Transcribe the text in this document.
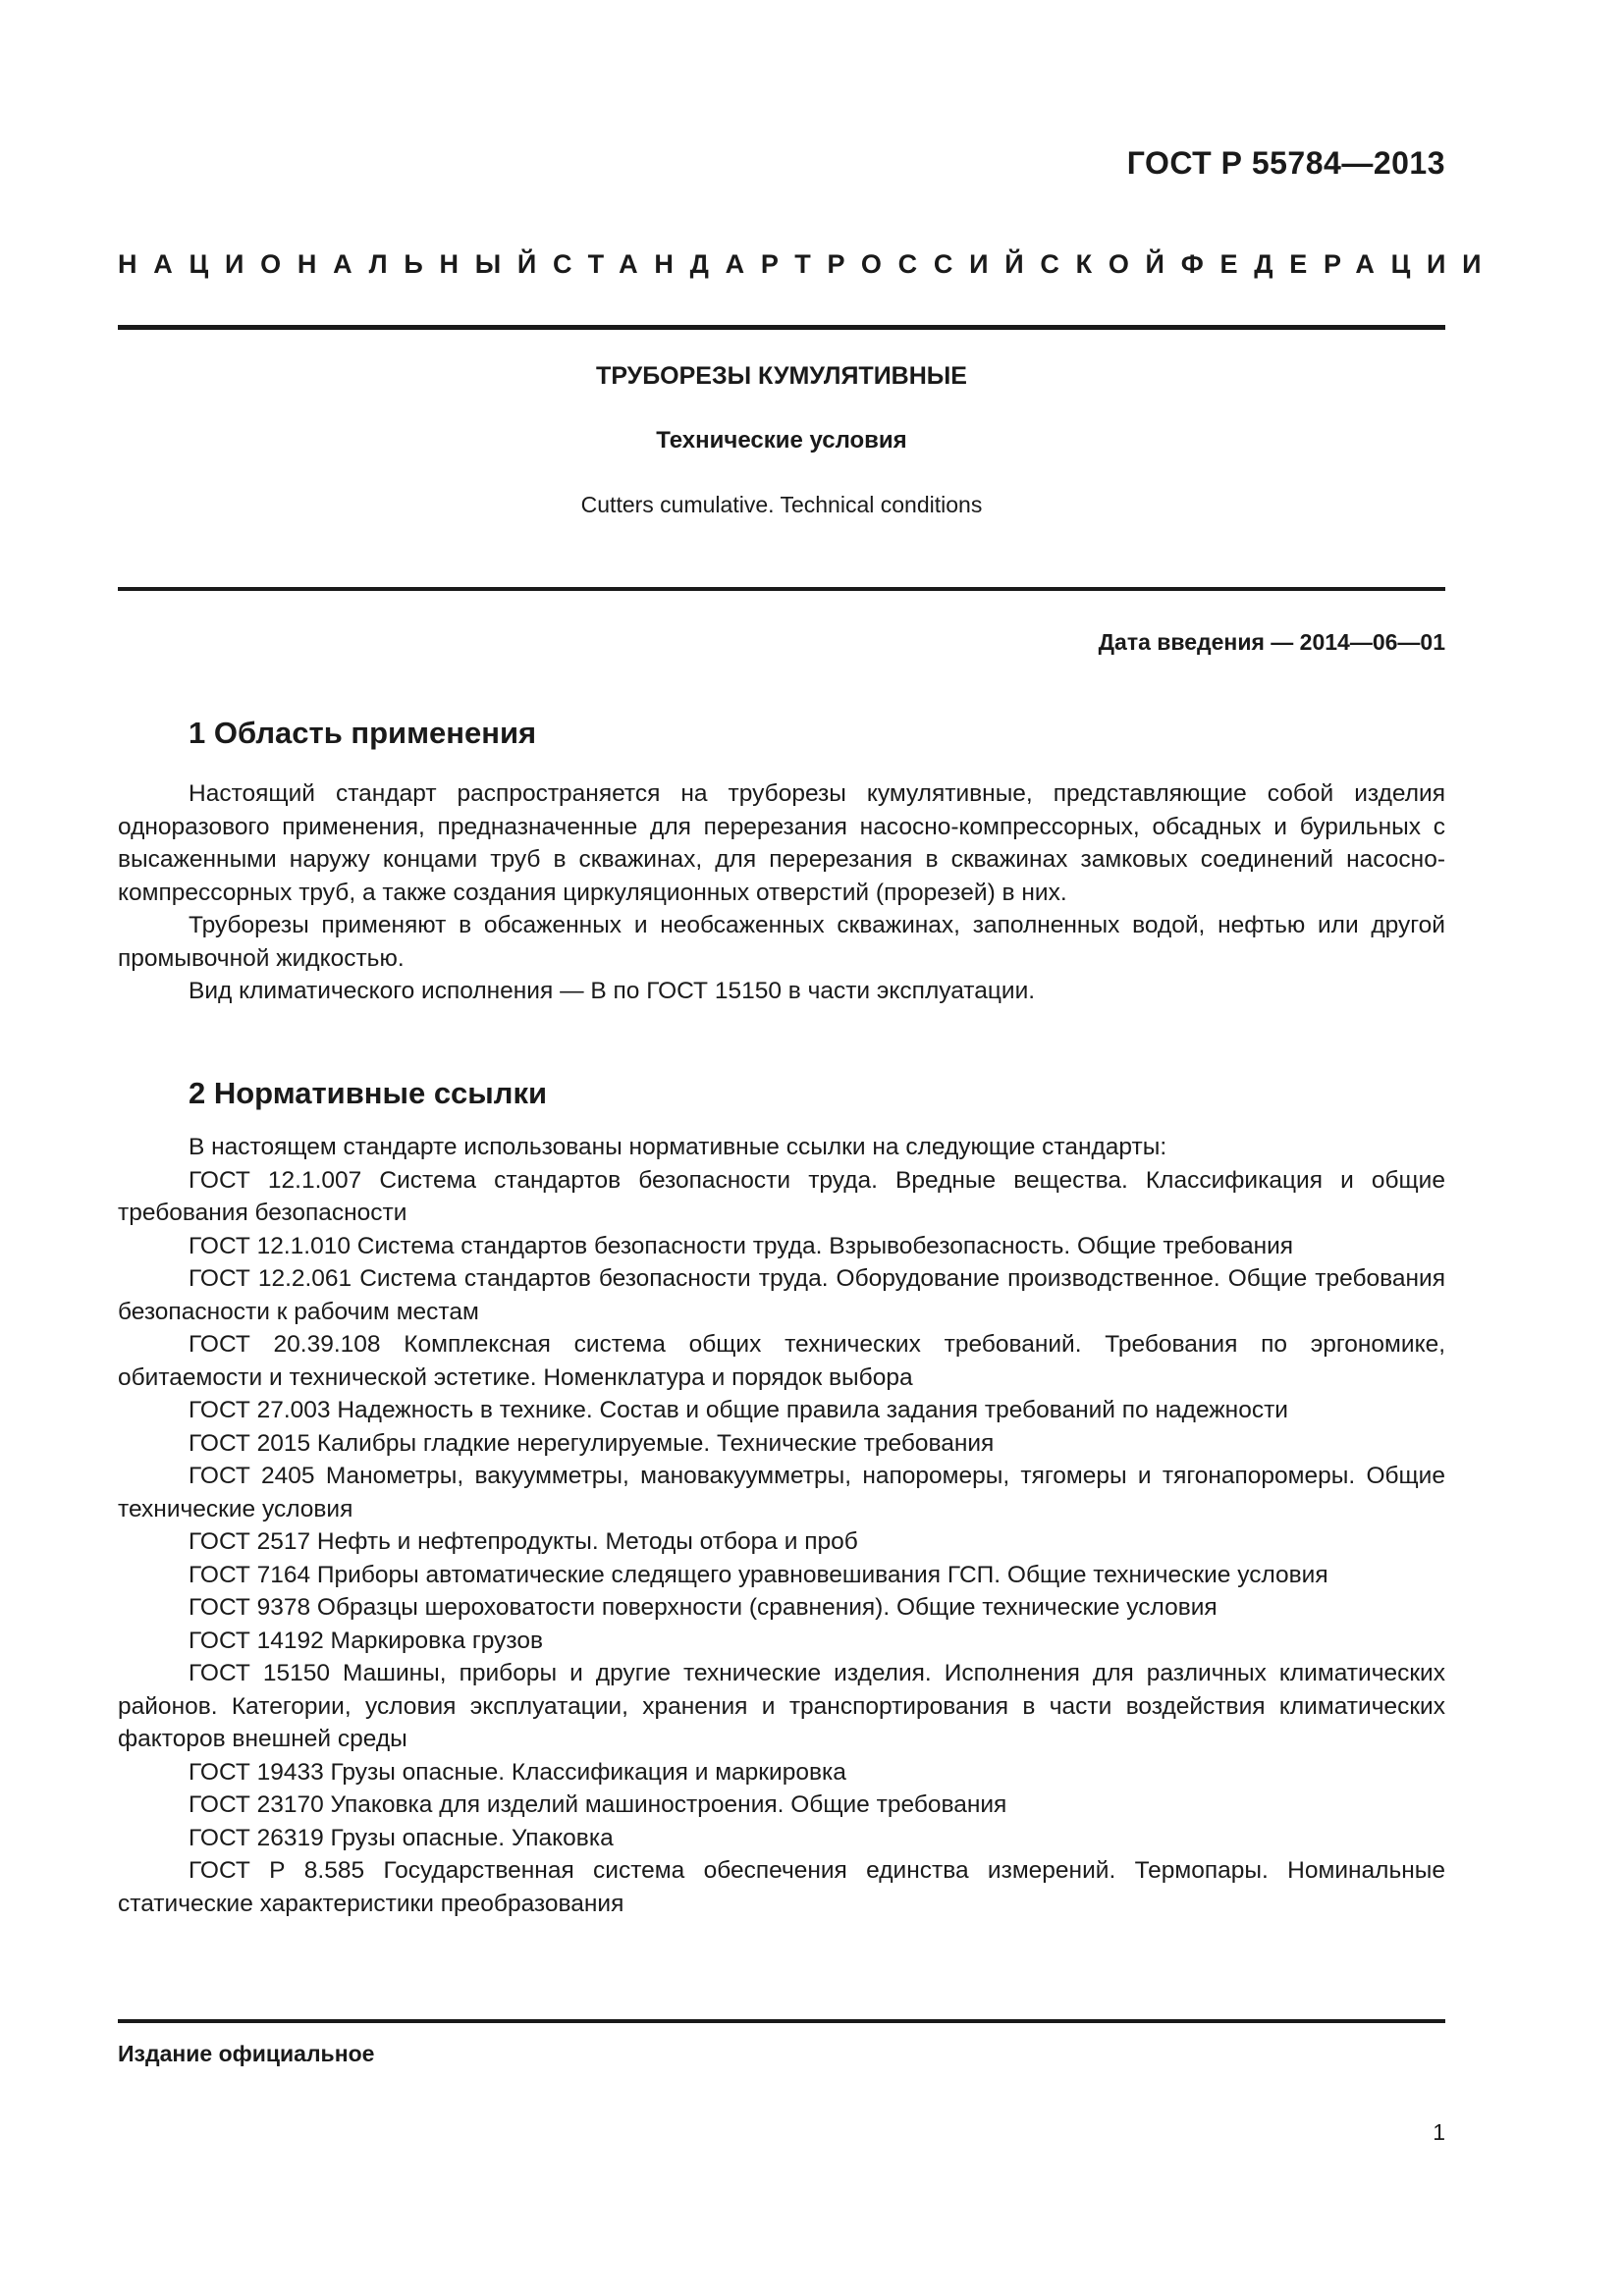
ГОСТ Р 55784—2013
НАЦИОНАЛЬНЫЙ СТАНДАРТ РОССИЙСКОЙ ФЕДЕРАЦИИ
ТРУБОРЕЗЫ КУМУЛЯТИВНЫЕ
Технические условия
Cutters cumulative. Technical conditions
Дата введения — 2014—06—01
1 Область применения

Настоящий стандарт распространяется на труборезы кумулятивные, представляющие собой изделия одноразового применения, предназначенные для перерезания насосно-компрессорных, обсадных и бурильных с высаженными наружу концами труб в скважинах, для перерезания в скважинах замковых соединений насосно-компрессорных труб, а также создания циркуляционных отверстий (прорезей) в них.

Труборезы применяют в обсаженных и необсаженных скважинах, заполненных водой, нефтью или другой промывочной жидкостью.

Вид климатического исполнения — В по ГОСТ 15150 в части эксплуатации.

2 Нормативные ссылки

В настоящем стандарте использованы нормативные ссылки на следующие стандарты:

ГОСТ 12.1.007 Система стандартов безопасности труда. Вредные вещества. Классификация и общие требования безопасности

ГОСТ 12.1.010 Система стандартов безопасности труда. Взрывобезопасность. Общие требования

ГОСТ 12.2.061 Система стандартов безопасности труда. Оборудование производственное. Общие требования безопасности к рабочим местам

ГОСТ 20.39.108 Комплексная система общих технических требований. Требования по эргономике, обитаемости и технической эстетике. Номенклатура и порядок выбора

ГОСТ 27.003 Надежность в технике. Состав и общие правила задания требований по надежности

ГОСТ 2015 Калибры гладкие нерегулируемые. Технические требования

ГОСТ 2405 Манометры, вакуумметры, мановакуумметры, напоромеры, тягомеры и тягонапоромеры. Общие технические условия

ГОСТ 2517 Нефть и нефтепродукты. Методы отбора и проб

ГОСТ 7164 Приборы автоматические следящего уравновешивания ГСП. Общие технические условия

ГОСТ 9378 Образцы шероховатости поверхности (сравнения). Общие технические условия

ГОСТ 14192 Маркировка грузов

ГОСТ 15150 Машины, приборы и другие технические изделия. Исполнения для различных климатических районов. Категории, условия эксплуатации, хранения и транспортирования в части воздействия климатических факторов внешней среды

ГОСТ 19433 Грузы опасные. Классификация и маркировка

ГОСТ 23170 Упаковка для изделий машиностроения. Общие требования

ГОСТ 26319 Грузы опасные. Упаковка

ГОСТ Р 8.585 Государственная система обеспечения единства измерений. Термопары. Номинальные статические характеристики преобразования

Издание официальное
1
